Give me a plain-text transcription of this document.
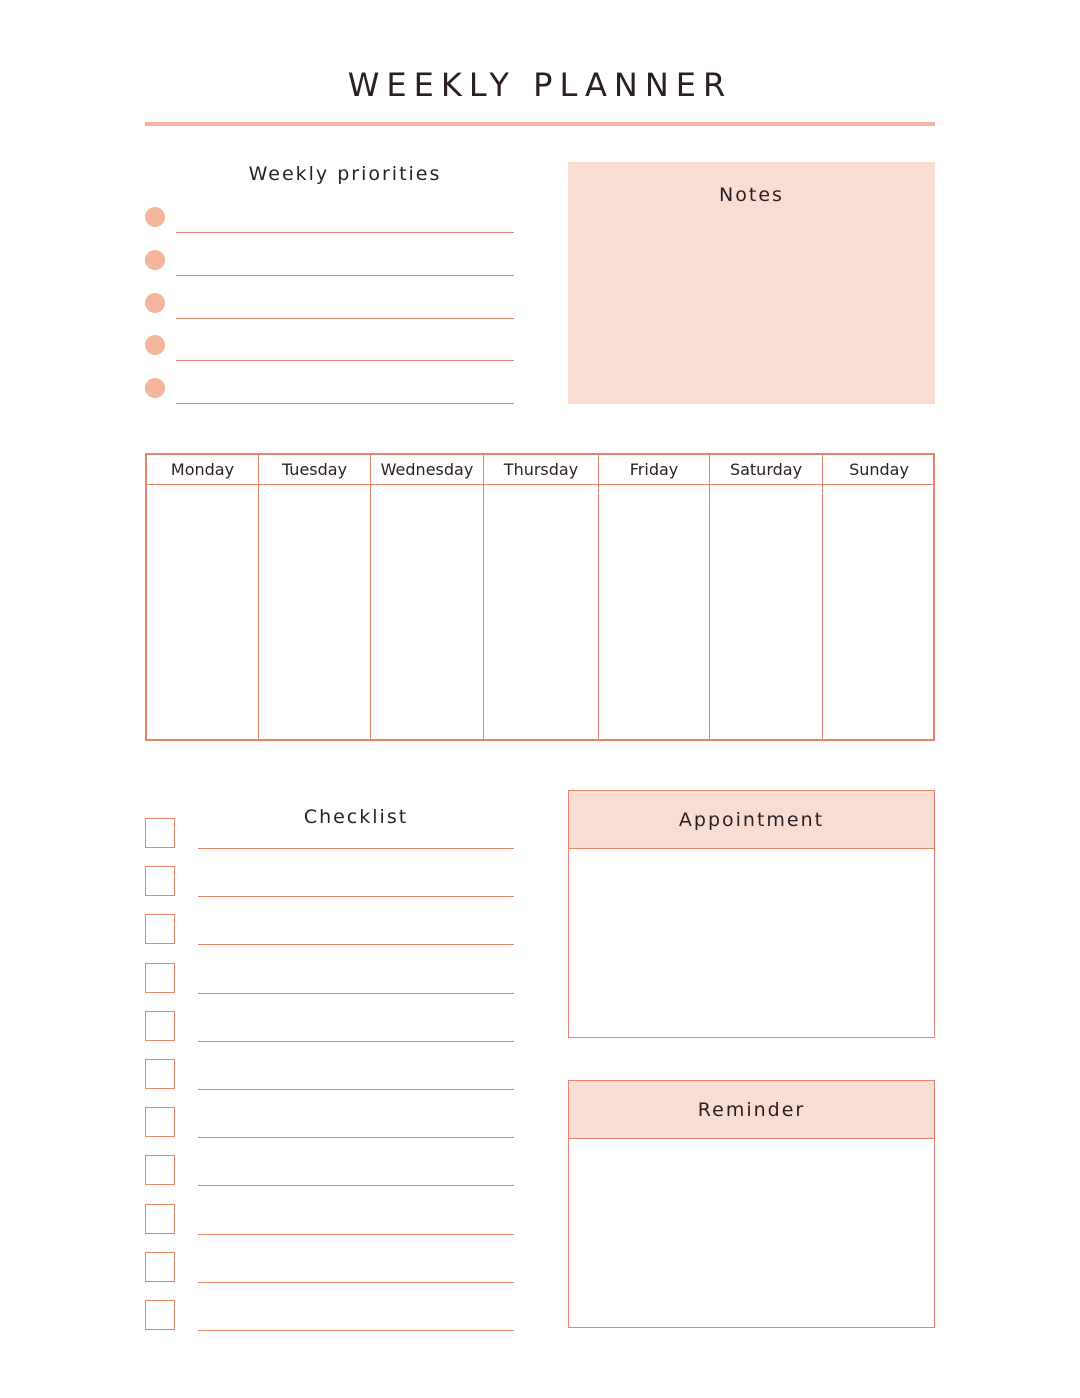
WEEKLY PLANNER
Weekly priorities
Notes
Monday	Tuesday	Wednesday	Thursday	Friday	Saturday	Sunday
Checklist	Appointment
Reminder
